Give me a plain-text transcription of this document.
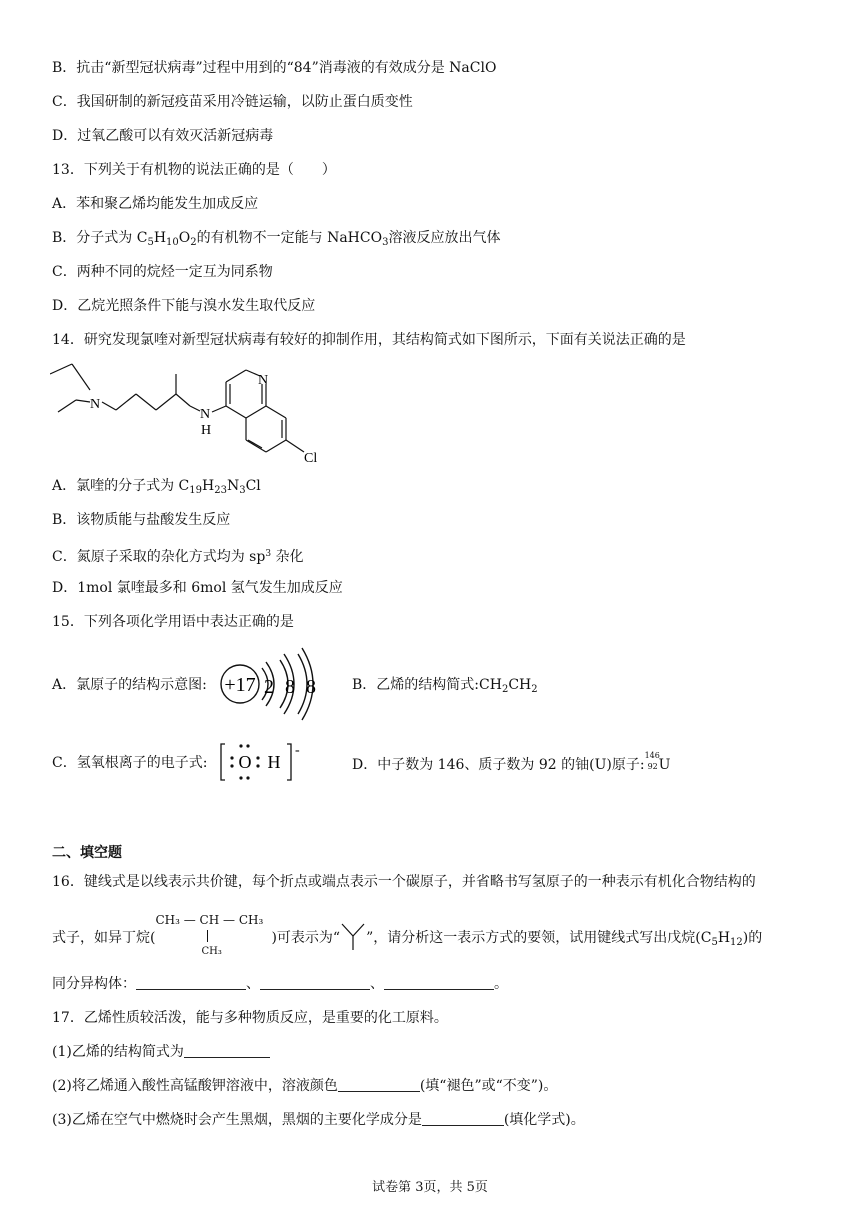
B．抗击“新型冠状病毒”过程中用到的“84”消毒液的有效成分是 NaClO
C．我国研制的新冠疫苗采用冷链运输，以防止蛋白质变性
D．过氧乙酸可以有效灭活新冠病毒
13．下列关于有机物的说法正确的是（　　）
A．苯和聚乙烯均能发生加成反应
B．分子式为 $C_5H_{10}O_2$的有机物不一定能与 NaHCO$_3$溶液反应放出气体
C．两种不同的烷烃一定互为同系物
D．乙烷光照条件下能与溴水发生取代反应
14．研究发现氯喹对新型冠状病毒有较好的抑制作用，其结构简式如下图所示，下面有关说法正确的是
N
N
H
N
Cl
A．氯喹的分子式为 $C_{19}H_{23}N_3Cl$
B．该物质能与盐酸发生反应
C．氮原子采取的杂化方式均为 $sp^3$ 杂化
D．1mol 氯喹最多和 6mol 氢气发生加成反应
15．下列各项化学用语中表达正确的是
A．氯原子的结构示意图: +17 2 8 8	B．乙烯的结构简式$:CH_2CH_2$
C．氢氧根离子的电子式: O H
-
D．中子数为 146、质子数为 92 的铀(U)原子:
146
92 U
二、填空题
16．键线式是以线表示共价键，每个折点或端点表示一个碳原子，并省略书写氢原子的一种表示有机化合物结构的
式子，如异丁烷(
CH₃ — CH — CH₃
CH₃
)可表示为“ ”，请分析这一表示方式的要领，试用键线式写出戊烷$(C_5H_{12})$的
同分异构体：	、	、	。
17．乙烯性质较活泼，能与多种物质反应，是重要的化工原料。
(1)乙烯的结构简式为
(2)将乙烯通入酸性高锰酸钾溶液中，溶液颜色	(填“褪色”或“不变”)。
(3)乙烯在空气中燃烧时会产生黑烟，黑烟的主要化学成分是	(填化学式)。
试卷第 3页，共 5页
